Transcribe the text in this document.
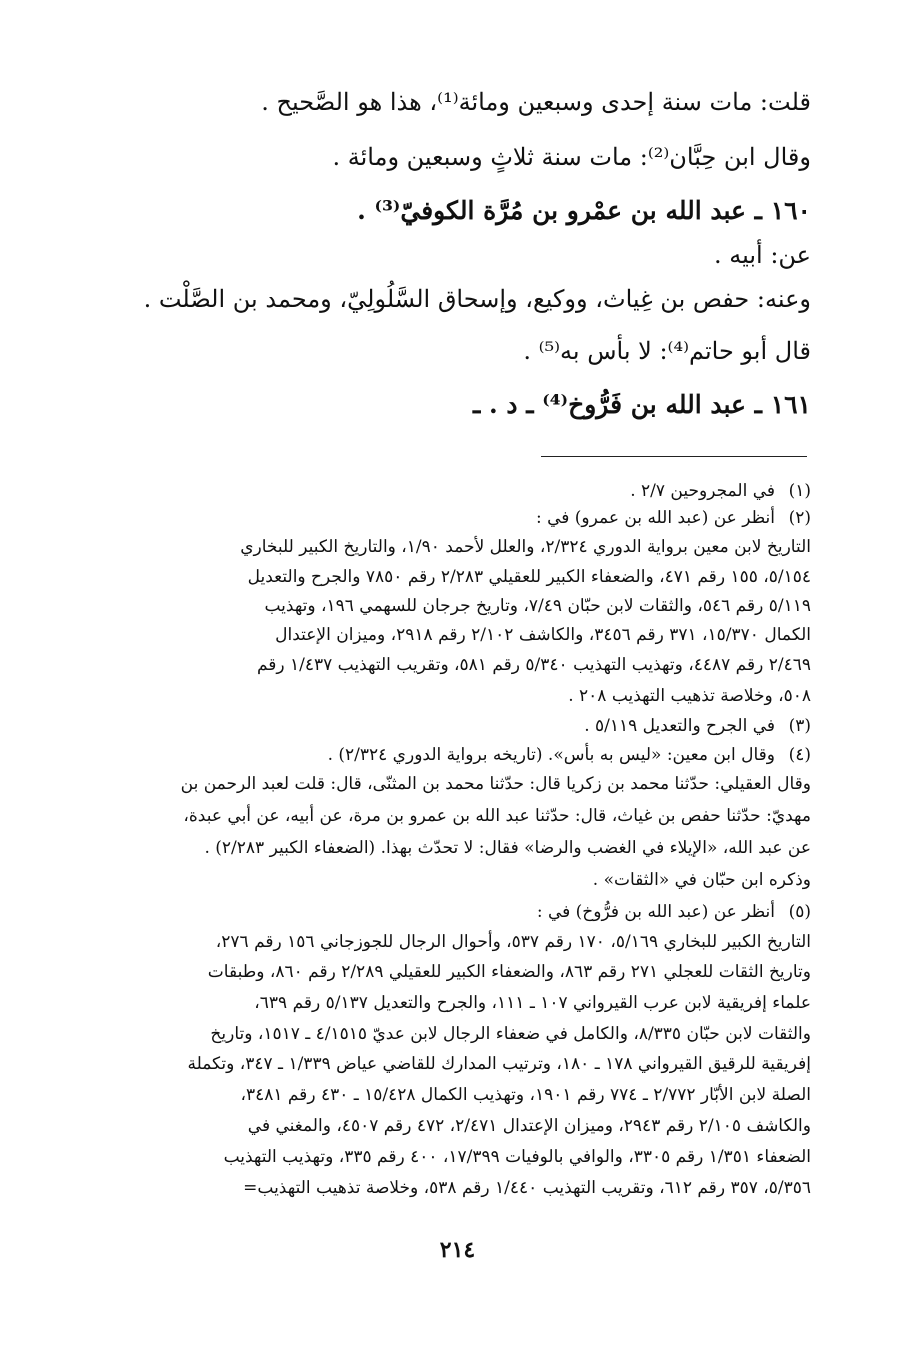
قلت: مات سنة إحدى وسبعين ومائة⁽¹⁾، هذا هو الصَّحيح .
وقال ابن حِبَّان⁽²⁾: مات سنة ثلاثٍ وسبعين ومائة .
١٦٠ ـ عبد الله بن عمْرو بن مُرَّة الكوفيّ⁽³⁾ .
عن: أبيه .
وعنه: حفص بن غِياث، ووكيع، وإسحاق السَّلُولِيّ، ومحمد بن الصَّلْت .
قال أبو حاتم⁽⁴⁾: لا بأس به⁽⁵⁾ .
١٦١ ـ عبد الله بن فَرُّوخ⁽⁴⁾ ـ د . ـ
(١)
في المجروحين ٢/٧ .
(٢)
أنظر عن (عبد الله بن عمرو) في :
التاريخ لابن معين برواية الدوري ٢/٣٢٤، والعلل لأحمد ١/٩٠، والتاريخ الكبير للبخاري
٥/١٥٤، ١٥٥ رقم ٤٧١، والضعفاء الكبير للعقيلي ٢/٢٨٣ رقم ٧٨٥٠ والجرح والتعديل
٥/١١٩ رقم ٥٤٦، والثقات لابن حبّان ٧/٤٩، وتاريخ جرجان للسهمي ١٩٦، وتهذيب
الكمال ١٥/٣٧٠، ٣٧١ رقم ٣٤٥٦، والكاشف ٢/١٠٢ رقم ٢٩١٨، وميزان الإعتدال
٢/٤٦٩ رقم ٤٤٨٧، وتهذيب التهذيب ٥/٣٤٠ رقم ٥٨١، وتقريب التهذيب ١/٤٣٧ رقم
٥٠٨، وخلاصة تذهيب التهذيب ٢٠٨ .
(٣)
في الجرح والتعديل ٥/١١٩ .
(٤)
وقال ابن معين: «ليس به بأس». (تاريخه برواية الدوري ٢/٣٢٤) .
وقال العقيلي: حدّثنا محمد بن زكريا قال: حدّثنا محمد بن المثنّى، قال: قلت لعبد الرحمن بن
مهديّ: حدّثنا حفص بن غياث، قال: حدّثنا عبد الله بن عمرو بن مرة، عن أبيه، عن أبي عبدة،
عن عبد الله، «الإيلاء في الغضب والرضا» فقال: لا تحدّث بهذا. (الضعفاء الكبير ٢/٢٨٣) .
وذكره ابن حبّان في «الثقات» .
(٥)
أنظر عن (عبد الله بن فرُّوخ) في :
التاريخ الكبير للبخاري ٥/١٦٩، ١٧٠ رقم ٥٣٧، وأحوال الرجال للجوزجاني ١٥٦ رقم ٢٧٦،
وتاريخ الثقات للعجلي ٢٧١ رقم ٨٦٣، والضعفاء الكبير للعقيلي ٢/٢٨٩ رقم ٨٦٠، وطبقات
علماء إفريقية لابن عرب القيرواني ١٠٧ ـ ١١١، والجرح والتعديل ٥/١٣٧ رقم ٦٣٩،
والثقات لابن حبّان ٨/٣٣٥، والكامل في ضعفاء الرجال لابن عديّ ٤/١٥١٥ ـ ١٥١٧، وتاريخ
إفريقية للرقيق القيرواني ١٧٨ ـ ١٨٠، وترتيب المدارك للقاضي عياض ١/٣٣٩ ـ ٣٤٧، وتكملة
الصلة لابن الأبّار ٢/٧٧٢ ـ ٧٧٤ رقم ١٩٠١، وتهذيب الكمال ١٥/٤٢٨ ـ ٤٣٠ رقم ٣٤٨١،
والكاشف ٢/١٠٥ رقم ٢٩٤٣، وميزان الإعتدال ٢/٤٧١، ٤٧٢ رقم ٤٥٠٧، والمغني في
الضعفاء ١/٣٥١ رقم ٣٣٠٥، والوافي بالوفيات ١٧/٣٩٩، ٤٠٠ رقم ٣٣٥، وتهذيب التهذيب
٥/٣٥٦، ٣٥٧ رقم ٦١٢، وتقريب التهذيب ١/٤٤٠ رقم ٥٣٨، وخلاصة تذهيب التهذيب=
٢١٤
